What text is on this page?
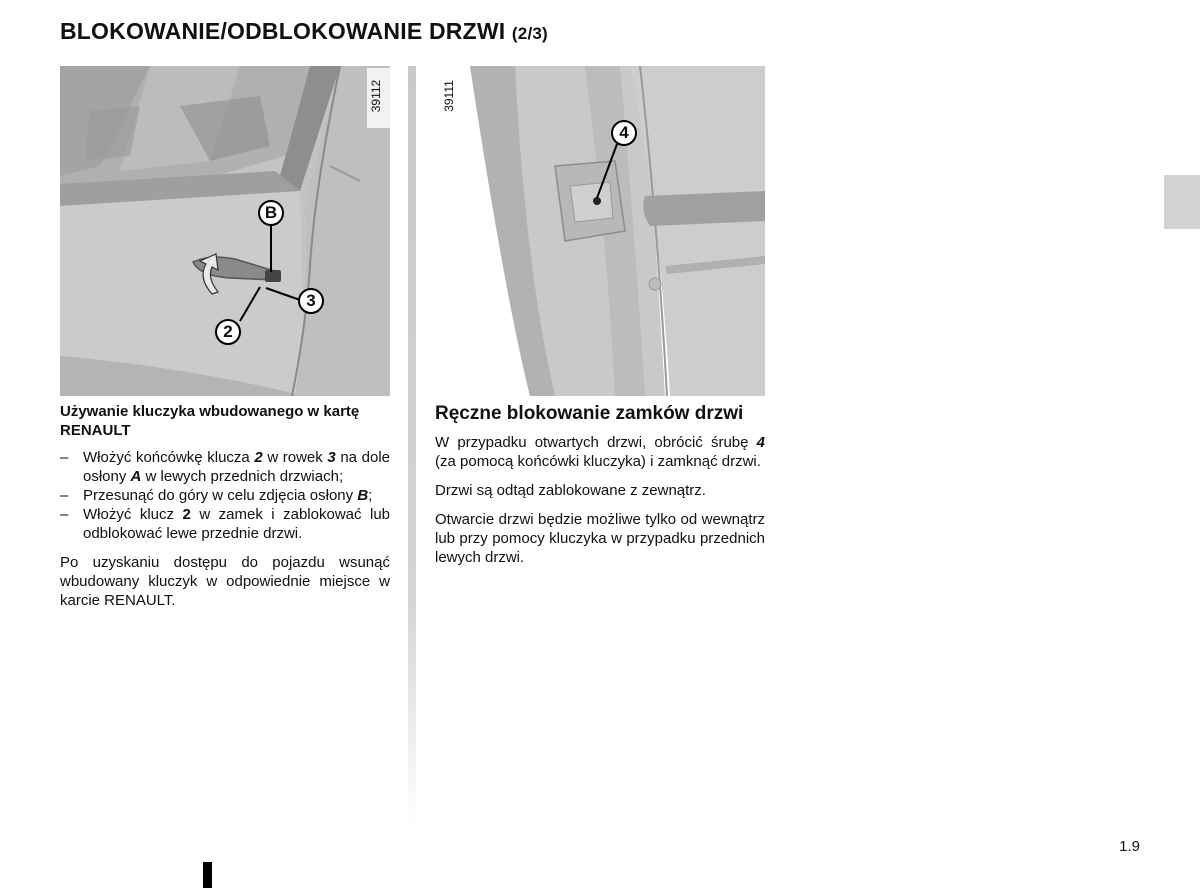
BLOKOWANIE/ODBLOKOWANIE DRZWI (2/3)
39112
B
3
2
39111
4
Używanie kluczyka wbudowanego w kartę RENAULT
– Włożyć końcówkę klucza 2 w rowek 3 na dole osłony A w lewych przednich drzwiach;
– Przesunąć do góry w celu zdjęcia osłony B;
– Włożyć klucz 2 w zamek i zablokować lub odblokować lewe przednie drzwi.

Po uzyskaniu dostępu do pojazdu wsunąć wbudowany kluczyk w odpowiednie miejsce w karcie RENAULT.

Ręczne blokowanie zamków drzwi

W przypadku otwartych drzwi, obrócić śrubę 4 (za pomocą końcówki kluczyka) i zamknąć drzwi.

Drzwi są odtąd zablokowane z zewnątrz.

Otwarcie drzwi będzie możliwe tylko od wewnątrz lub przy pomocy kluczyka w przypadku przednich lewych drzwi.

1.9
